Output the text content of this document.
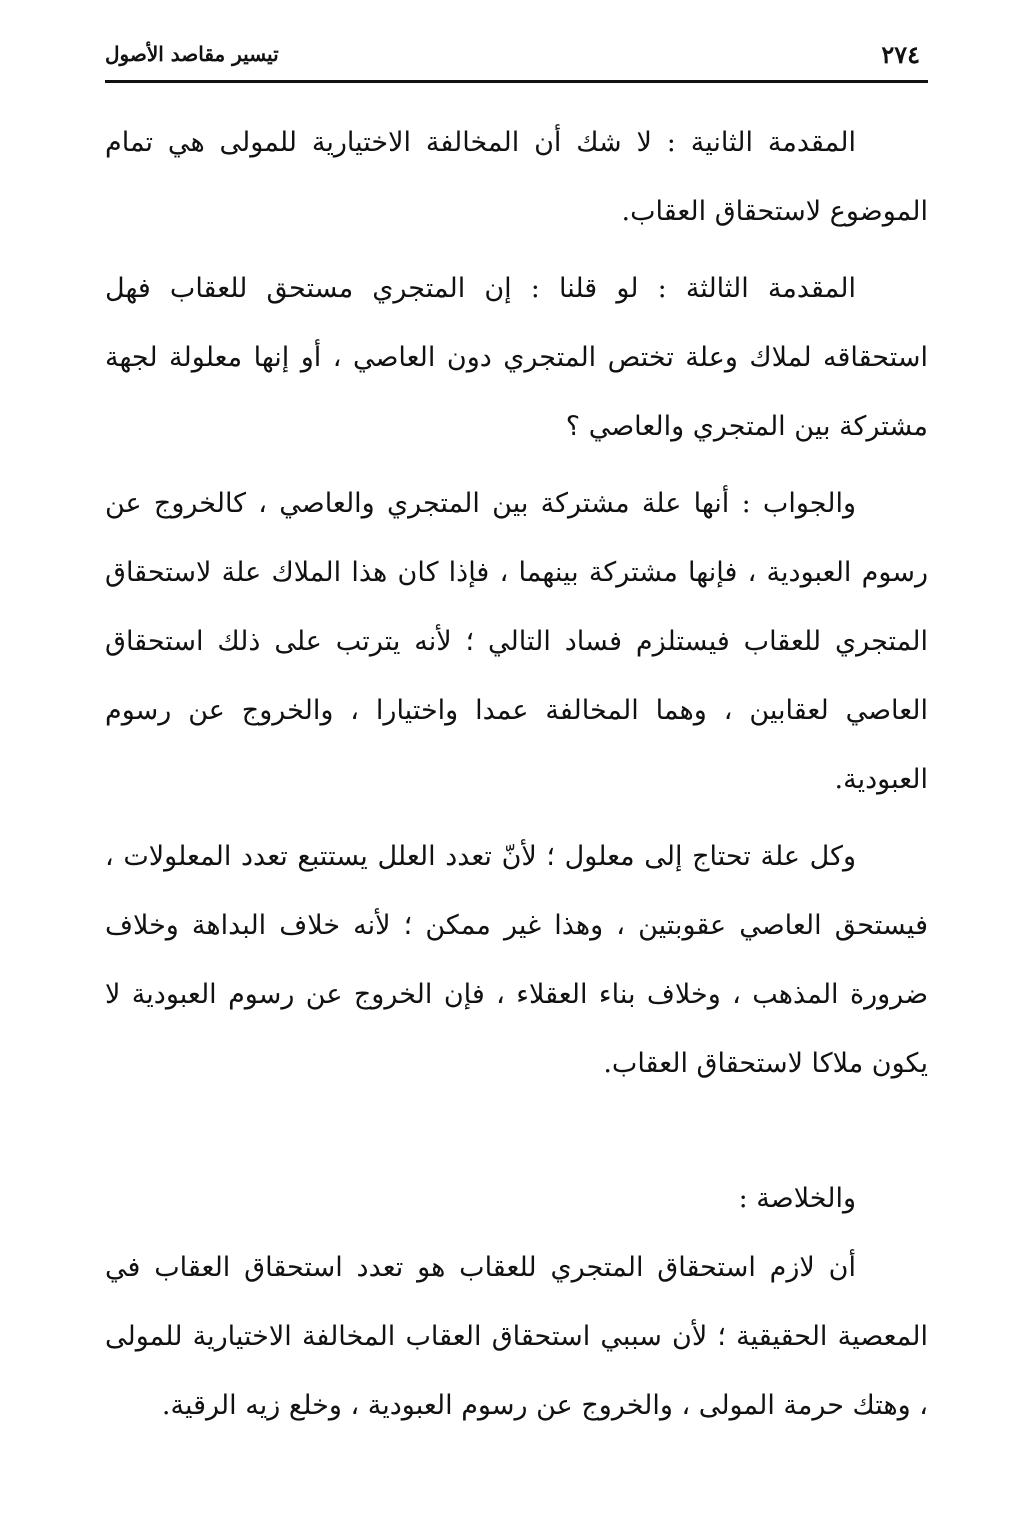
٢٧٤
تيسير مقاصد الأصول

المقدمة الثانية : لا شك أن المخالفة الاختيارية للمولى هي تمام الموضوع لاستحقاق العقاب.

المقدمة الثالثة : لو قلنا : إن المتجري مستحق للعقاب فهل استحقاقه لملاك وعلة تختص المتجري دون العاصي ، أو إنها معلولة لجهة مشتركة بين المتجري والعاصي ؟

والجواب : أنها علة مشتركة بين المتجري والعاصي ، كالخروج عن رسوم العبودية ، فإنها مشتركة بينهما ، فإذا كان هذا الملاك علة لاستحقاق المتجري للعقاب فيستلزم فساد التالي ؛ لأنه يترتب على ذلك استحقاق العاصي لعقابين ، وهما المخالفة عمدا واختيارا ، والخروج عن رسوم العبودية.

وكل علة تحتاج إلى معلول ؛ لأنّ تعدد العلل يستتبع تعدد المعلولات ، فيستحق العاصي عقوبتين ، وهذا غير ممكن ؛ لأنه خلاف البداهة وخلاف ضرورة المذهب ، وخلاف بناء العقلاء ، فإن الخروج عن رسوم العبودية لا يكون ملاكا لاستحقاق العقاب.

والخلاصة :

أن لازم استحقاق المتجري للعقاب هو تعدد استحقاق العقاب في المعصية الحقيقية ؛ لأن سببي استحقاق العقاب المخالفة الاختيارية للمولى ، وهتك حرمة المولى ، والخروج عن رسوم العبودية ، وخلع زيه الرقية.
